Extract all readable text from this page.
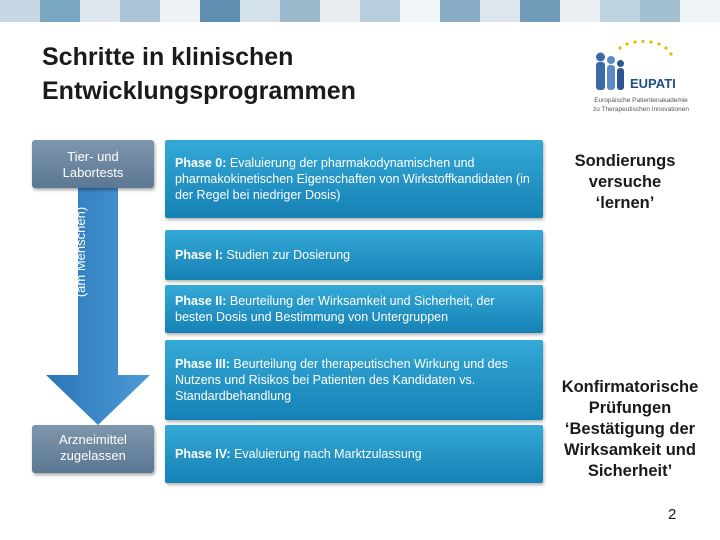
Schritte in klinischen
Entwicklungsprogrammen	EUPATI
Europäische Patientenakademie
zu Therapeutischen Innovationen
klinische Prüfungen
(am Menschen)
Tier- und
Labortests
Arzneimittel
zugelassen
Phase 0: Evaluierung der pharmakodynamischen und pharmakokinetischen Eigenschaften von Wirkstoffkandidaten (in der Regel bei niedriger Dosis)
Phase I: Studien zur Dosierung
Phase II: Beurteilung der Wirksamkeit und Sicherheit, der besten Dosis und Bestimmung von Untergruppen
Phase III: Beurteilung der therapeutischen Wirkung und des Nutzens und Risikos bei Patienten des Kandidaten vs. Standardbehandlung
Phase IV: Evaluierung nach Marktzulassung
Sondierungs
versuche
‘lernen’
Konfirmatorische
Prüfungen
‘Bestätigung der
Wirksamkeit und
Sicherheit’
2
